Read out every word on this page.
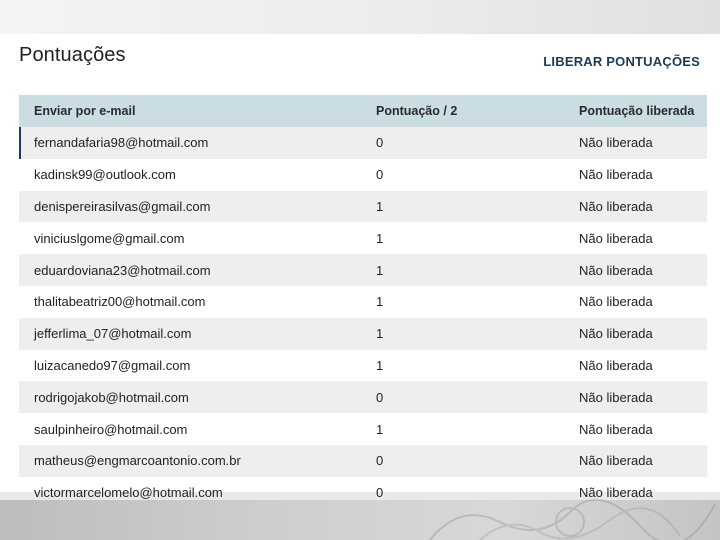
Pontuações	LIBERAR PONTUAÇÕES
Enviar por e-mail	Pontuação / 2	Pontuação liberada
fernandafaria98@hotmail.com	0	Não liberada
kadinsk99@outlook.com	0	Não liberada
denispereirasilvas@gmail.com	1	Não liberada
viniciuslgome@gmail.com	1	Não liberada
eduardoviana23@hotmail.com	1	Não liberada
thalitabeatriz00@hotmail.com	1	Não liberada
jefferlima_07@hotmail.com	1	Não liberada
luizacanedo97@gmail.com	1	Não liberada
rodrigojakob@hotmail.com	0	Não liberada
saulpinheiro@hotmail.com	1	Não liberada
matheus@engmarcoantonio.com.br	0	Não liberada
victormarcelomelo@hotmail.com	0	Não liberada
